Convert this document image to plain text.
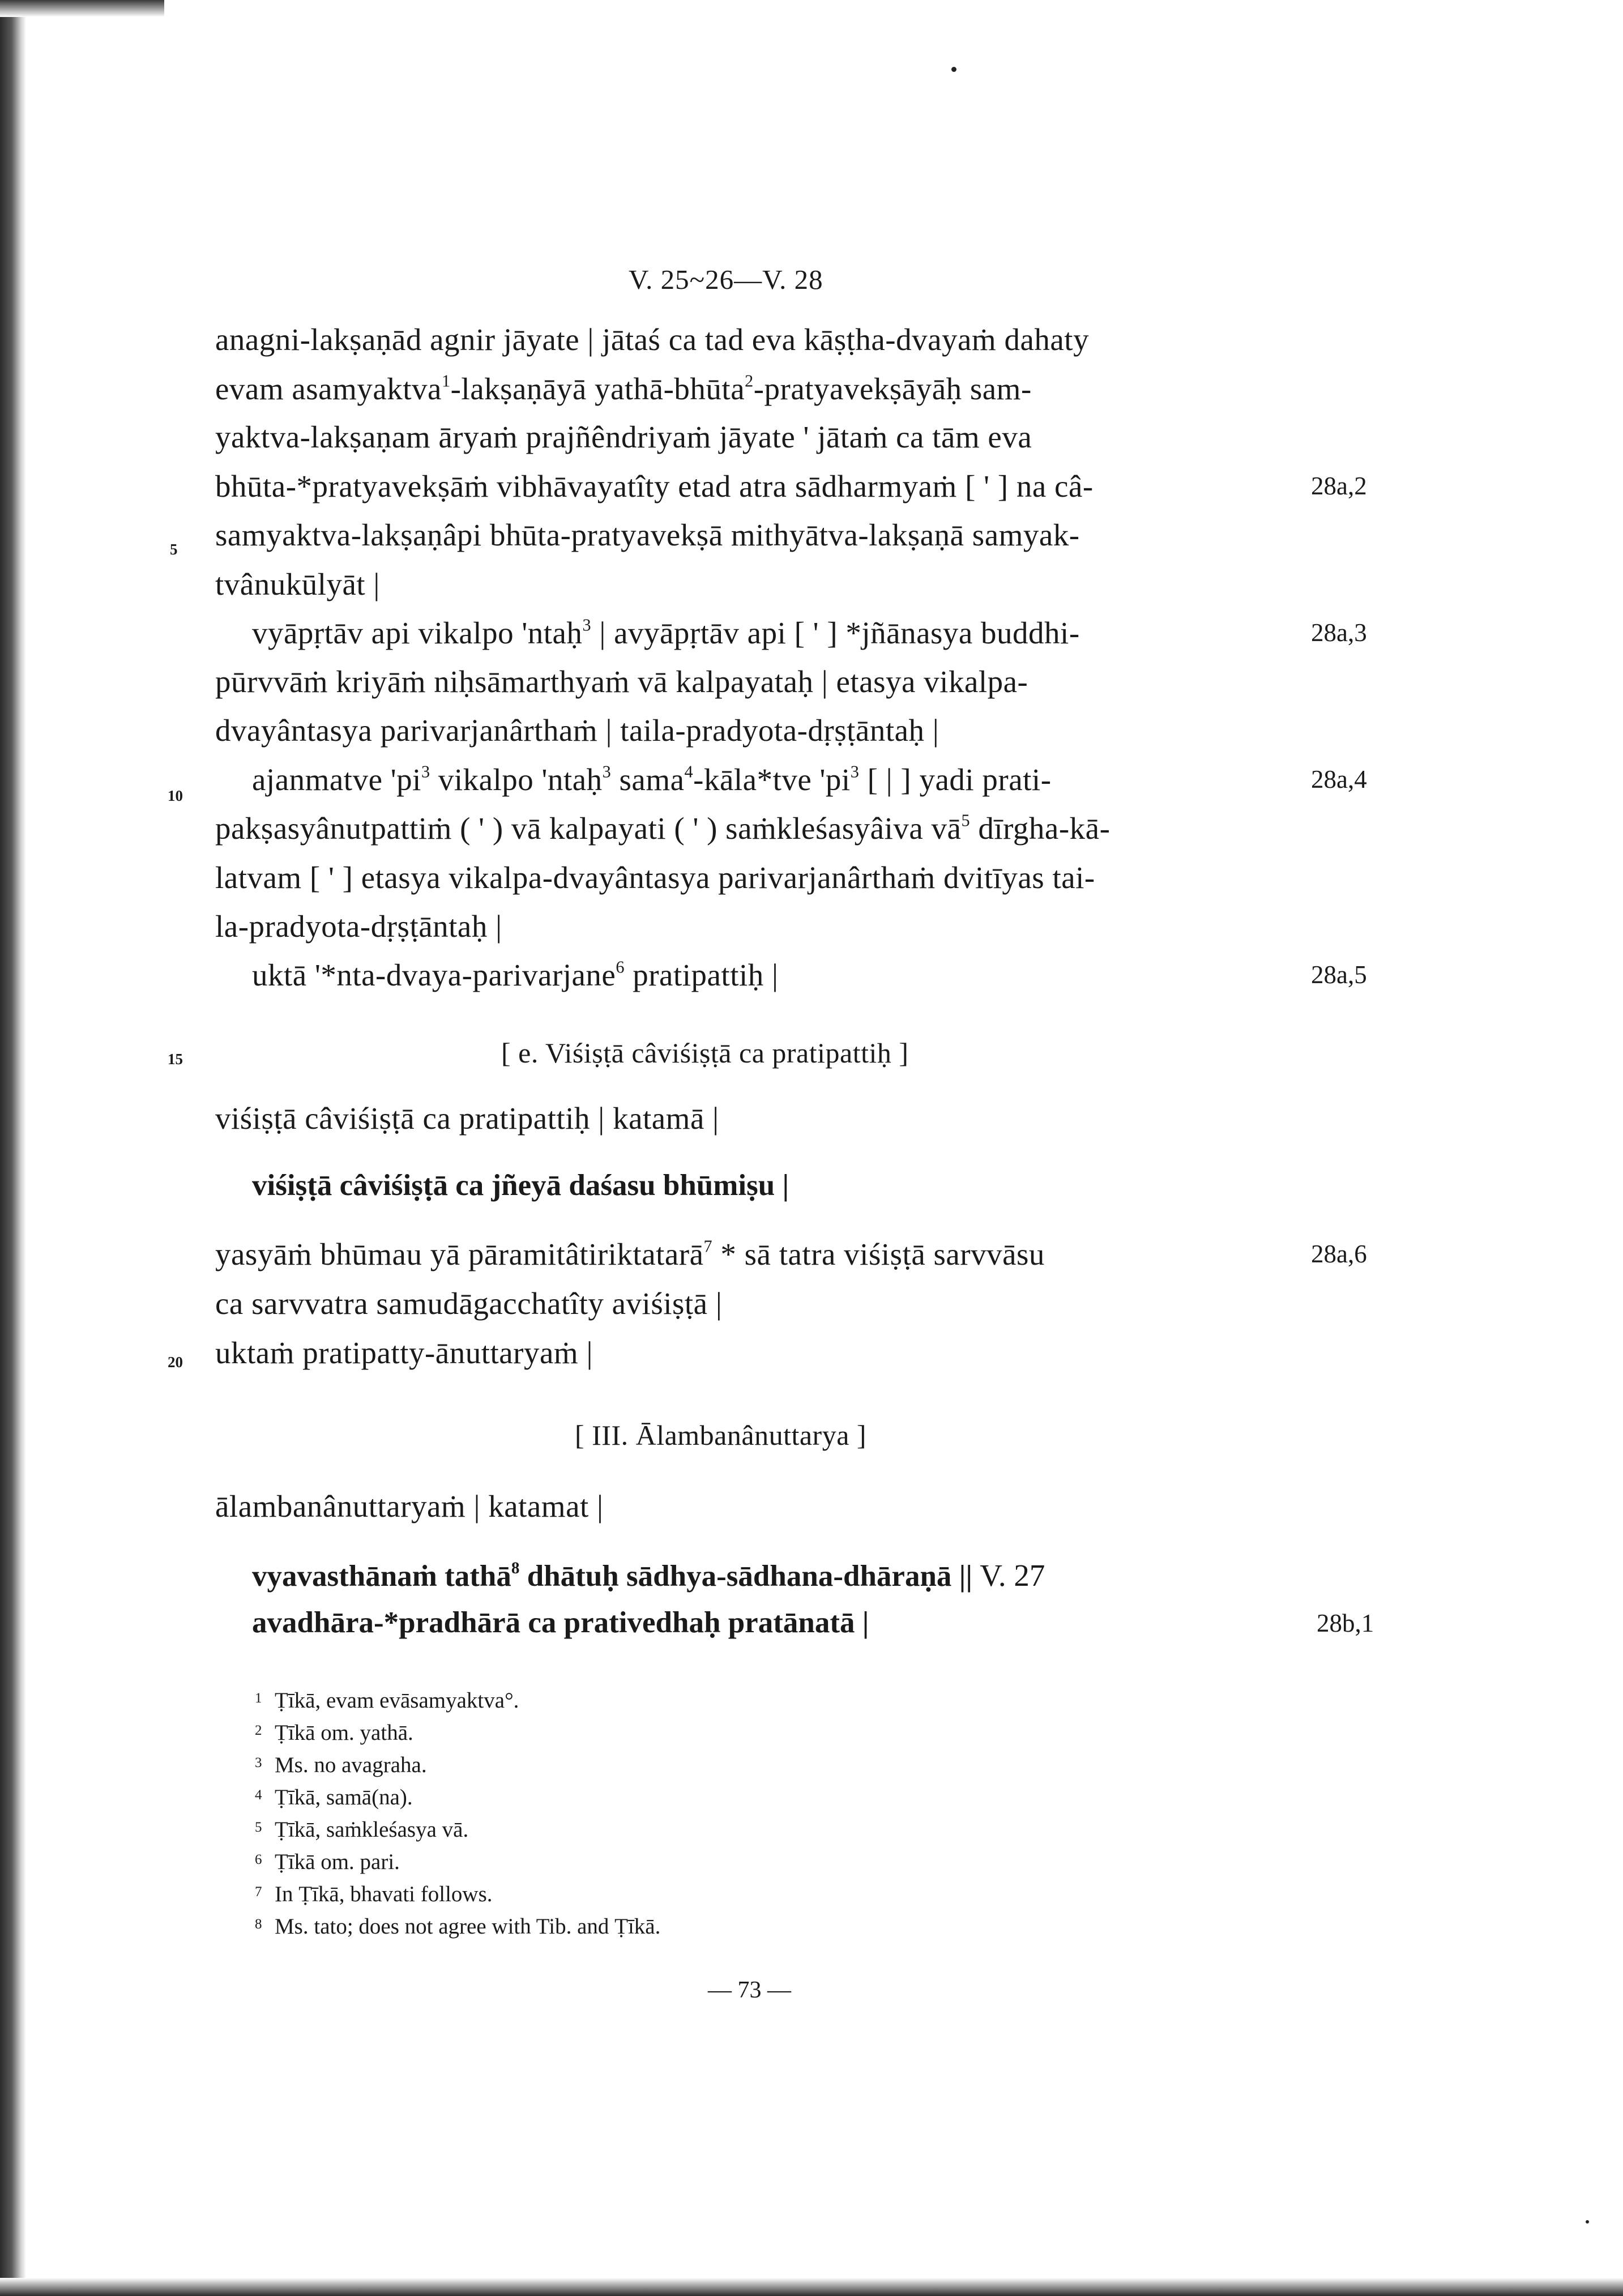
V. 25~26—V. 28
anagni-lakṣaṇād agnir jāyate | jātaś ca tad eva kāṣṭha-dvayaṁ dahaty
evam asamyaktva$^1$-lakṣaṇāyā yathā-bhūta$^2$-pratyavekṣāyāḥ sam-
yaktva-lakṣaṇam āryaṁ prajñêndriyaṁ jāyate ' jātaṁ ca tām eva
bhūta-*pratyavekṣāṁ vibhāvayatîty etad atra sādharmyaṁ [ ' ] na câ-
samyaktva-lakṣaṇâpi bhūta-pratyavekṣā mithyātva-lakṣaṇā samyak-
tvânukūlyāt |
vyāpṛtāv api vikalpo 'ntaḥ$^3$ | avyāpṛtāv api [ ' ] *jñānasya buddhi-
pūrvvāṁ kriyāṁ niḥsāmarthyaṁ vā kalpayataḥ | etasya vikalpa-
dvayântasya parivarjanârthaṁ | taila-pradyota-dṛṣṭāntaḥ |
ajanmatve '$pi^3$ vikalpo 'ntaḥ$^3$ sama$^4$-kāla*tve '$pi^3$ [ | ] yadi prati-
pakṣasyânutpattiṁ ( ' ) vā kalpayati ( ' ) saṁkleśasyâiva $vā^5$ dīrgha-kā-
latvam [ ' ] etasya vikalpa-dvayântasya parivarjanârthaṁ dvitīyas tai-
la-pradyota-dṛṣṭāntaḥ |
uktā '*nta-dvaya-parivarjane$^6$ pratipattiḥ |
[ e. Viśiṣṭā câviśiṣṭā ca pratipattiḥ ]
viśiṣṭā câviśiṣṭā ca pratipattiḥ | katamā |
viśiṣṭā câviśiṣṭā ca jñeyā daśasu bhūmiṣu |
yasyāṁ bhūmau yā pāramitâtiriktatarā$^7$ * sā tatra viśiṣṭā sarvvāsu
ca sarvvatra samudāgacchatîty aviśiṣṭā |
uktaṁ pratipatty-ānuttaryaṁ |
[ III. Ālambanânuttarya ]
ālambanânuttaryaṁ | katamat |
vyavasthānaṁ tathā$^8$ dhātuḥ sādhya-sādhana-dhāraṇā || V. 27
avadhāra-*pradhārā ca prativedhaḥ pratānatā |
28a,2
28a,3
28a,4
28a,5
28a,6
28b,1
5
10
15
20
1 Ṭīkā, evam evāsamyaktva°.
2 Ṭīkā om. yathā.
3 Ms. no avagraha.
4 Ṭīkā, samā(na).
5 Ṭīkā, saṁkleśasya vā.
6 Ṭīkā om. pari.
7 In Ṭīkā, bhavati follows.
8 Ms. tato; does not agree with Tib. and Ṭīkā.
— 73 —
